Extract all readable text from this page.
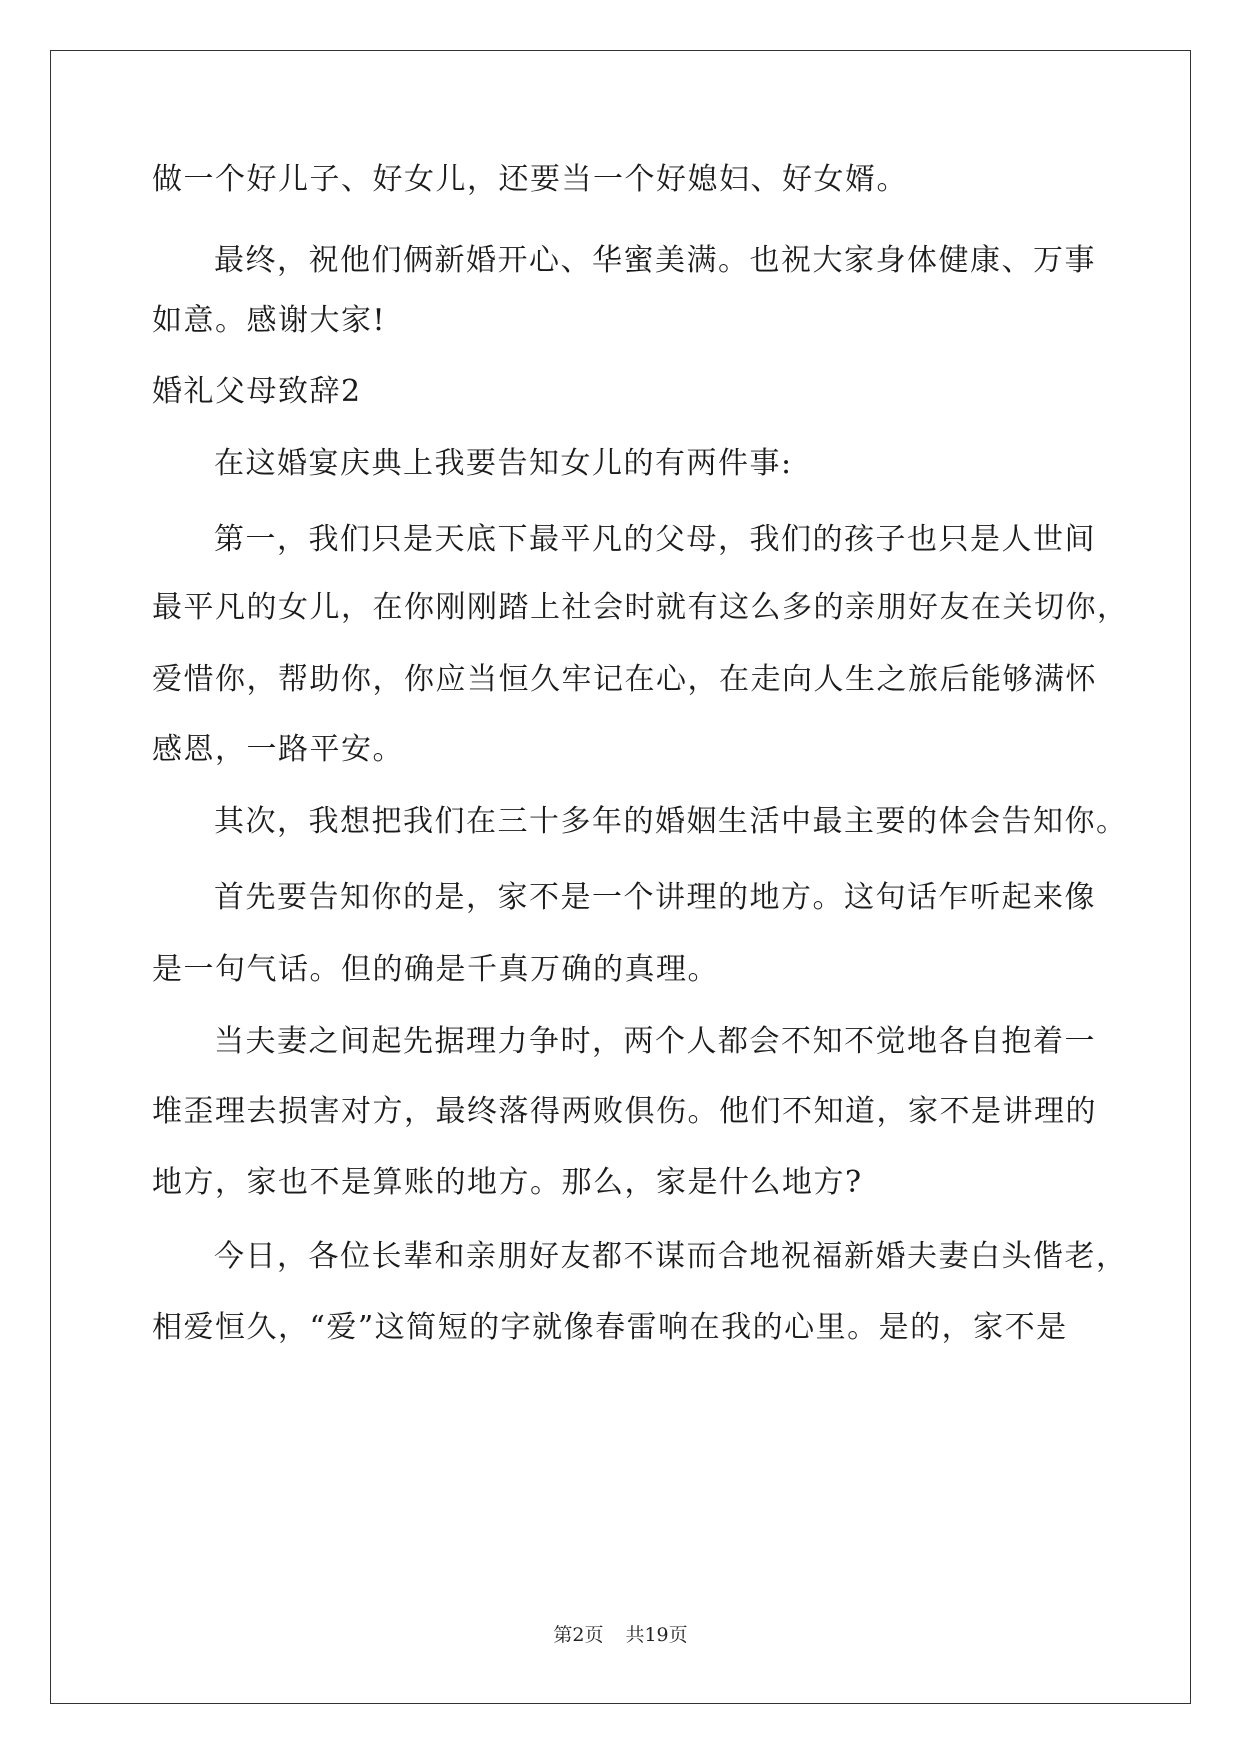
做一个好儿子、好女儿，还要当一个好媳妇、好女婿。
最终，祝他们俩新婚开心、华蜜美满。也祝大家身体健康、万事
如意。感谢大家!
婚礼父母致辞2
在这婚宴庆典上我要告知女儿的有两件事:
第一，我们只是天底下最平凡的父母，我们的孩子也只是人世间
最平凡的女儿，在你刚刚踏上社会时就有这么多的亲朋好友在关切你，
爱惜你，帮助你，你应当恒久牢记在心，在走向人生之旅后能够满怀
感恩，一路平安。
其次，我想把我们在三十多年的婚姻生活中最主要的体会告知你。
首先要告知你的是，家不是一个讲理的地方。这句话乍听起来像
是一句气话。但的确是千真万确的真理。
当夫妻之间起先据理力争时，两个人都会不知不觉地各自抱着一
堆歪理去损害对方，最终落得两败俱伤。他们不知道，家不是讲理的
地方，家也不是算账的地方。那么，家是什么地方?
今日，各位长辈和亲朋好友都不谋而合地祝福新婚夫妻白头偕老，
相爱恒久，“爱”这简短的字就像春雷响在我的心里。是的，家不是
第2页 共19页
